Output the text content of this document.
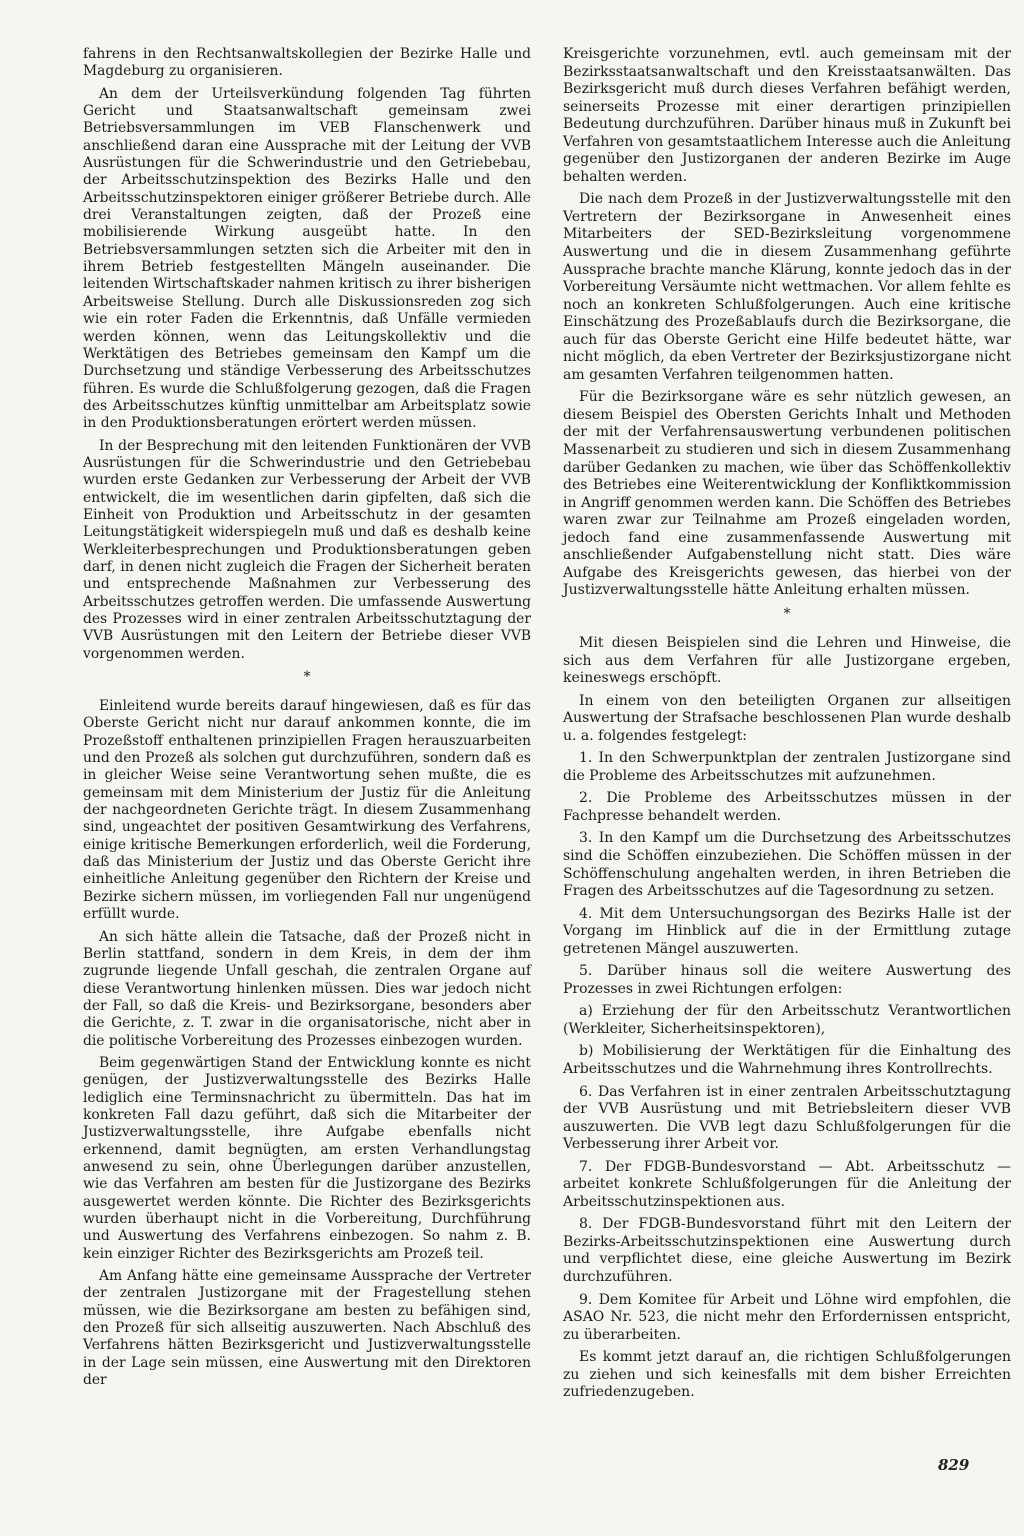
fahrens in den Rechtsanwaltskollegien der Bezirke Halle und Magdeburg zu organisieren.

An dem der Urteilsverkündung folgenden Tag führten Gericht und Staatsanwaltschaft gemeinsam zwei Betriebsversammlungen im VEB Flanschenwerk und anschließend daran eine Aussprache mit der Leitung der VVB Ausrüstungen für die Schwerindustrie und den Getriebebau, der Arbeitsschutzinspektion des Bezirks Halle und den Arbeitsschutzinspektoren einiger größerer Betriebe durch. Alle drei Veranstaltungen zeigten, daß der Prozeß eine mobilisierende Wirkung ausgeübt hatte. In den Betriebsversammlungen setzten sich die Arbeiter mit den in ihrem Betrieb festgestellten Mängeln auseinander. Die leitenden Wirtschaftskader nahmen kritisch zu ihrer bisherigen Arbeitsweise Stellung. Durch alle Diskussionsreden zog sich wie ein roter Faden die Erkenntnis, daß Unfälle vermieden werden können, wenn das Leitungskollektiv und die Werktätigen des Betriebes gemeinsam den Kampf um die Durchsetzung und ständige Verbesserung des Arbeitsschutzes führen. Es wurde die Schlußfolgerung gezogen, daß die Fragen des Arbeitsschutzes künftig unmittelbar am Arbeitsplatz sowie in den Produktionsberatungen erörtert werden müssen.

In der Besprechung mit den leitenden Funktionären der VVB Ausrüstungen für die Schwerindustrie und den Getriebebau wurden erste Gedanken zur Verbesserung der Arbeit der VVB entwickelt, die im wesentlichen darin gipfelten, daß sich die Einheit von Produktion und Arbeitsschutz in der gesamten Leitungstätigkeit widerspiegeln muß und daß es deshalb keine Werkleiterbesprechungen und Produktionsberatungen geben darf, in denen nicht zugleich die Fragen der Sicherheit beraten und entsprechende Maßnahmen zur Verbesserung des Arbeitsschutzes getroffen werden. Die umfassende Auswertung des Prozesses wird in einer zentralen Arbeitsschutztagung der VVB Ausrüstungen mit den Leitern der Betriebe dieser VVB vorgenommen werden.

*

Einleitend wurde bereits darauf hingewiesen, daß es für das Oberste Gericht nicht nur darauf ankommen konnte, die im Prozeßstoff enthaltenen prinzipiellen Fragen herauszuarbeiten und den Prozeß als solchen gut durchzuführen, sondern daß es in gleicher Weise seine Verantwortung sehen mußte, die es gemeinsam mit dem Ministerium der Justiz für die Anleitung der nachgeordneten Gerichte trägt. In diesem Zusammenhang sind, ungeachtet der positiven Gesamtwirkung des Verfahrens, einige kritische Bemerkungen erforderlich, weil die Forderung, daß das Ministerium der Justiz und das Oberste Gericht ihre einheitliche Anleitung gegenüber den Richtern der Kreise und Bezirke sichern müssen, im vorliegenden Fall nur ungenügend erfüllt wurde.

An sich hätte allein die Tatsache, daß der Prozeß nicht in Berlin stattfand, sondern in dem Kreis, in dem der ihm zugrunde liegende Unfall geschah, die zentralen Organe auf diese Verantwortung hinlenken müssen. Dies war jedoch nicht der Fall, so daß die Kreis- und Bezirksorgane, besonders aber die Gerichte, z. T. zwar in die organisatorische, nicht aber in die politische Vorbereitung des Prozesses einbezogen wurden.

Beim gegenwärtigen Stand der Entwicklung konnte es nicht genügen, der Justizverwaltungsstelle des Bezirks Halle lediglich eine Terminsnachricht zu übermitteln. Das hat im konkreten Fall dazu geführt, daß sich die Mitarbeiter der Justizverwaltungsstelle, ihre Aufgabe ebenfalls nicht erkennend, damit begnügten, am ersten Verhandlungstag anwesend zu sein, ohne Überlegungen darüber anzustellen, wie das Verfahren am besten für die Justizorgane des Bezirks ausgewertet werden könnte. Die Richter des Bezirksgerichts wurden überhaupt nicht in die Vorbereitung, Durchführung und Auswertung des Verfahrens einbezogen. So nahm z. B. kein einziger Richter des Bezirksgerichts am Prozeß teil.

Am Anfang hätte eine gemeinsame Aussprache der Vertreter der zentralen Justizorgane mit der Fragestellung stehen müssen, wie die Bezirksorgane am besten zu befähigen sind, den Prozeß für sich allseitig auszuwerten. Nach Abschluß des Verfahrens hätten Bezirksgericht und Justizverwaltungsstelle in der Lage sein müssen, eine Auswertung mit den Direktoren der

Kreisgerichte vorzunehmen, evtl. auch gemeinsam mit der Bezirksstaatsanwaltschaft und den Kreisstaatsanwälten. Das Bezirksgericht muß durch dieses Verfahren befähigt werden, seinerseits Prozesse mit einer derartigen prinzipiellen Bedeutung durchzuführen. Darüber hinaus muß in Zukunft bei Verfahren von gesamtstaatlichem Interesse auch die Anleitung gegenüber den Justizorganen der anderen Bezirke im Auge behalten werden.

Die nach dem Prozeß in der Justizverwaltungsstelle mit den Vertretern der Bezirksorgane in Anwesenheit eines Mitarbeiters der SED-Bezirksleitung vorgenommene Auswertung und die in diesem Zusammenhang geführte Aussprache brachte manche Klärung, konnte jedoch das in der Vorbereitung Versäumte nicht wettmachen. Vor allem fehlte es noch an konkreten Schlußfolgerungen. Auch eine kritische Einschätzung des Prozeßablaufs durch die Bezirksorgane, die auch für das Oberste Gericht eine Hilfe bedeutet hätte, war nicht möglich, da eben Vertreter der Bezirksjustizorgane nicht am gesamten Verfahren teilgenommen hatten.

Für die Bezirksorgane wäre es sehr nützlich gewesen, an diesem Beispiel des Obersten Gerichts Inhalt und Methoden der mit der Verfahrensauswertung verbundenen politischen Massenarbeit zu studieren und sich in diesem Zusammenhang darüber Gedanken zu machen, wie über das Schöffenkollektiv des Betriebes eine Weiterentwicklung der Konfliktkommission in Angriff genommen werden kann. Die Schöffen des Betriebes waren zwar zur Teilnahme am Prozeß eingeladen worden, jedoch fand eine zusammenfassende Auswertung mit anschließender Aufgabenstellung nicht statt. Dies wäre Aufgabe des Kreisgerichts gewesen, das hierbei von der Justizverwaltungsstelle hätte Anleitung erhalten müssen.

*

Mit diesen Beispielen sind die Lehren und Hinweise, die sich aus dem Verfahren für alle Justizorgane ergeben, keineswegs erschöpft.

In einem von den beteiligten Organen zur allseitigen Auswertung der Strafsache beschlossenen Plan wurde deshalb u. a. folgendes festgelegt:

1. In den Schwerpunktplan der zentralen Justizorgane sind die Probleme des Arbeitsschutzes mit aufzunehmen.

2. Die Probleme des Arbeitsschutzes müssen in der Fachpresse behandelt werden.

3. In den Kampf um die Durchsetzung des Arbeitsschutzes sind die Schöffen einzubeziehen. Die Schöffen müssen in der Schöffenschulung angehalten werden, in ihren Betrieben die Fragen des Arbeitsschutzes auf die Tagesordnung zu setzen.

4. Mit dem Untersuchungsorgan des Bezirks Halle ist der Vorgang im Hinblick auf die in der Ermittlung zutage getretenen Mängel auszuwerten.

5. Darüber hinaus soll die weitere Auswertung des Prozesses in zwei Richtungen erfolgen:

a) Erziehung der für den Arbeitsschutz Verantwortlichen (Werkleiter, Sicherheitsinspektoren),

b) Mobilisierung der Werktätigen für die Einhaltung des Arbeitsschutzes und die Wahrnehmung ihres Kontrollrechts.

6. Das Verfahren ist in einer zentralen Arbeitsschutztagung der VVB Ausrüstung und mit Betriebsleitern dieser VVB auszuwerten. Die VVB legt dazu Schlußfolgerungen für die Verbesserung ihrer Arbeit vor.

7. Der FDGB-Bundesvorstand — Abt. Arbeitsschutz — arbeitet konkrete Schlußfolgerungen für die Anleitung der Arbeitsschutzinspektionen aus.

8. Der FDGB-Bundesvorstand führt mit den Leitern der Bezirks-Arbeitsschutzinspektionen eine Auswertung durch und verpflichtet diese, eine gleiche Auswertung im Bezirk durchzuführen.

9. Dem Komitee für Arbeit und Löhne wird empfohlen, die ASAO Nr. 523, die nicht mehr den Erfordernissen entspricht, zu überarbeiten.

Es kommt jetzt darauf an, die richtigen Schlußfolgerungen zu ziehen und sich keinesfalls mit dem bisher Erreichten zufriedenzugeben.

829
